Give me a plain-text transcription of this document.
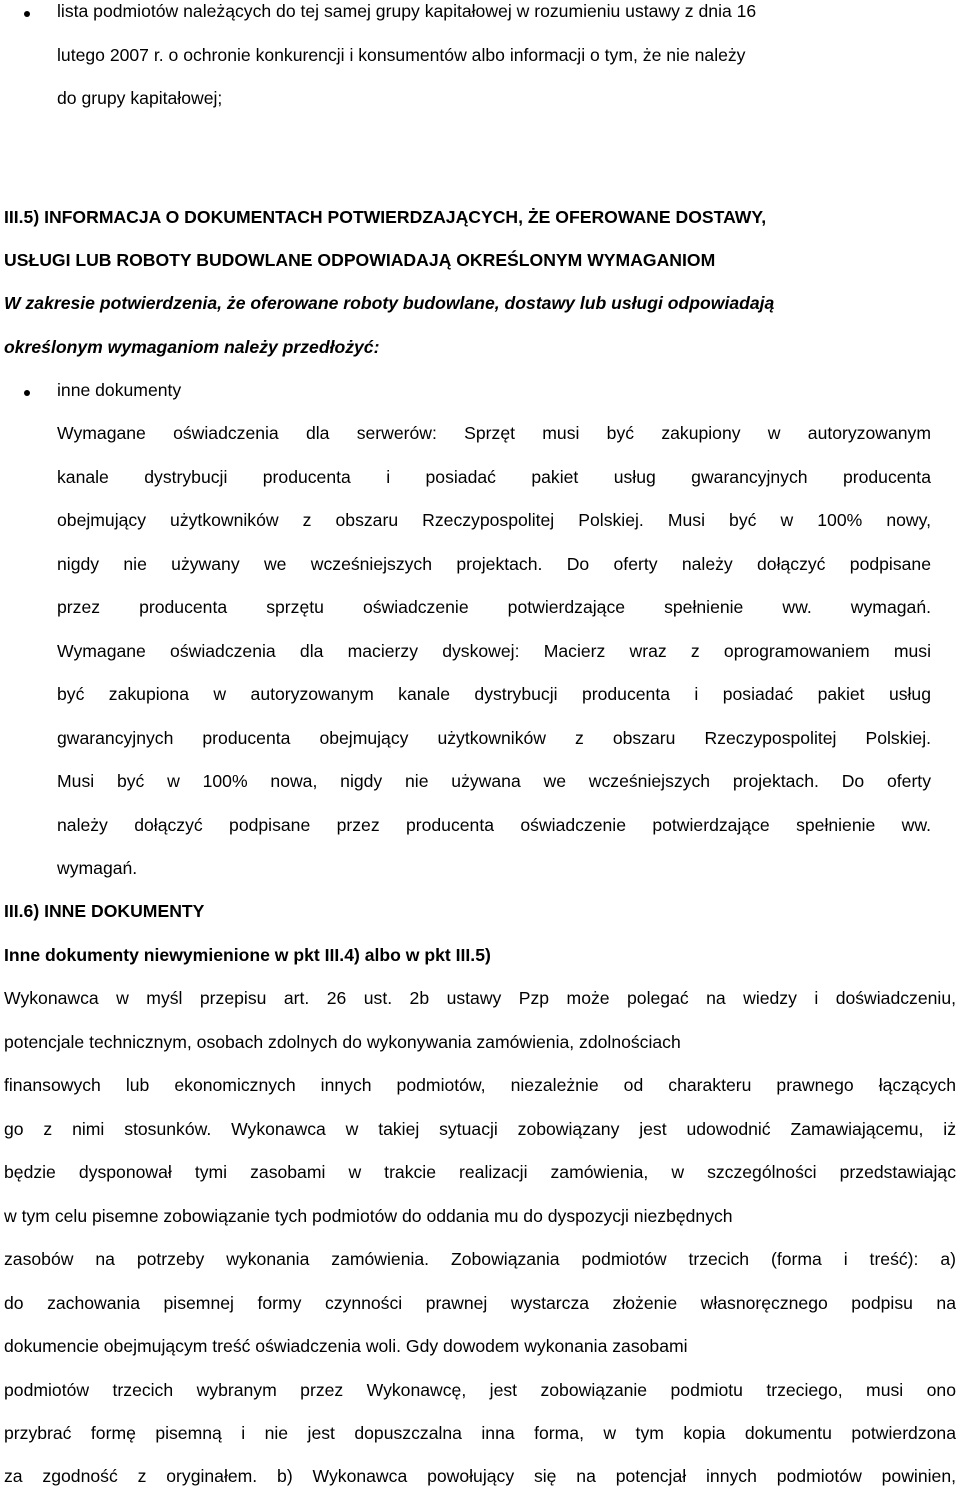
lista podmiotów należących do tej samej grupy kapitałowej w rozumieniu ustawy z dnia 16
lutego 2007 r. o ochronie konkurencji i konsumentów albo informacji o tym, że nie należy
do grupy kapitałowej;
III.5) INFORMACJA O DOKUMENTACH POTWIERDZAJĄCYCH, ŻE OFEROWANE DOSTAWY,
USŁUGI LUB ROBOTY BUDOWLANE ODPOWIADAJĄ OKREŚLONYM WYMAGANIOM
W zakresie potwierdzenia, że oferowane roboty budowlane, dostawy lub usługi odpowiadają
określonym wymaganiom należy przedłożyć:
inne dokumenty
Wymagane oświadczenia dla serwerów: Sprzęt musi być zakupiony w autoryzowanym
kanale dystrybucji producenta i posiadać pakiet usług gwarancyjnych producenta
obejmujący użytkowników z obszaru Rzeczypospolitej Polskiej. Musi być w 100% nowy,
nigdy nie używany we wcześniejszych projektach. Do oferty należy dołączyć podpisane
przez producenta sprzętu oświadczenie potwierdzające spełnienie ww. wymagań.
Wymagane oświadczenia dla macierzy dyskowej: Macierz wraz z oprogramowaniem musi
być zakupiona w autoryzowanym kanale dystrybucji producenta i posiadać pakiet usług
gwarancyjnych producenta obejmujący użytkowników z obszaru Rzeczypospolitej Polskiej.
Musi być w 100% nowa, nigdy nie używana we wcześniejszych projektach. Do oferty
należy dołączyć podpisane przez producenta oświadczenie potwierdzające spełnienie ww.
wymagań.
III.6) INNE DOKUMENTY
Inne dokumenty niewymienione w pkt III.4) albo w pkt III.5)
Wykonawca w myśl przepisu art. 26 ust. 2b ustawy Pzp może polegać na wiedzy i doświadczeniu,
potencjale technicznym, osobach zdolnych do wykonywania zamówienia, zdolnościach
finansowych lub ekonomicznych innych podmiotów, niezależnie od charakteru prawnego łączących
go z nimi stosunków. Wykonawca w takiej sytuacji zobowiązany jest udowodnić Zamawiającemu, iż
będzie dysponował tymi zasobami w trakcie realizacji zamówienia, w szczególności przedstawiając
w tym celu pisemne zobowiązanie tych podmiotów do oddania mu do dyspozycji niezbędnych
zasobów na potrzeby wykonania zamówienia. Zobowiązania podmiotów trzecich (forma i treść): a)
do zachowania pisemnej formy czynności prawnej wystarcza złożenie własnoręcznego podpisu na
dokumencie obejmującym treść oświadczenia woli. Gdy dowodem wykonania zasobami
podmiotów trzecich wybranym przez Wykonawcę, jest zobowiązanie podmiotu trzeciego, musi ono
przybrać formę pisemną i nie jest dopuszczalna inna forma, w tym kopia dokumentu potwierdzona
za zgodność z oryginałem. b) Wykonawca powołujący się na potencjał innych podmiotów powinien,
